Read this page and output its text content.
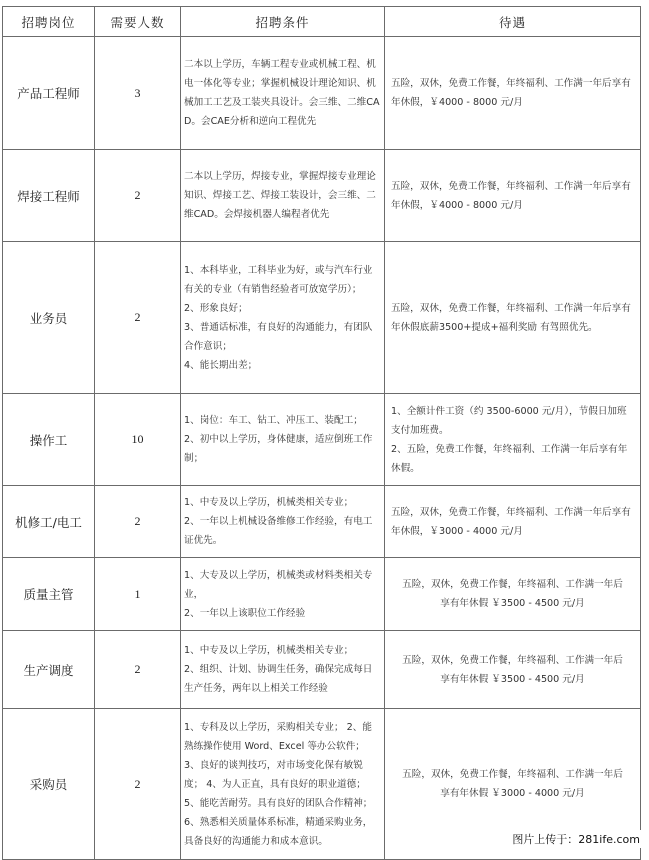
招聘岗位	需要人数	招聘条件	待遇
产品工程师	3	二本以上学历，车辆工程专业或机械工程、机电一体化等专业；掌握机械设计理论知识、机械加工工艺及工装夹具设计。会三维、二维CAD。会CAE分析和逆向工程优先	五险，双休，免费工作餐，年终福利、工作满一年后享有年休假，￥4000 - 8000 元/月

焊接工程师	2	二本以上学历，焊接专业，掌握焊接专业理论知识、焊接工艺、焊接工装设计，会三维、二维CAD。会焊接机器人编程者优先	五险，双休，免费工作餐，年终福利、工作满一年后享有年休假，￥4000 - 8000 元/月

业务员	2	1、本科毕业，工科毕业为好，或与汽车行业有关的专业（有销售经验者可放宽学历）；
2、形象良好；
3、普通话标准，有良好的沟通能力，有团队合作意识；
4、能长期出差；	五险，双休，免费工作餐，年终福利、工作满一年后享有年休假底薪3500+提成+福利奖励 有驾照优先。

操作工	10	1、岗位：车工、钻工、冲压工、装配工；
2、初中以上学历，身体健康，适应倒班工作制；	1、全额计件工资（约 3500-6000 元/月），节假日加班支付加班费。
2、五险，免费工作餐，年终福利、工作满一年后享有年休假。

机修工/电工	2	1、中专及以上学历，机械类相关专业；
2、一年以上机械设备维修工作经验，有电工证优先。	五险，双休，免费工作餐，年终福利、工作满一年后享有年休假，￥3000 - 4000 元/月

质量主管	1	1、大专及以上学历，机械类或材料类相关专业，
2、一年以上该职位工作经验	五险，双休，免费工作餐，年终福利、工作满一年后
享有年休假 ￥3500 - 4500 元/月

生产调度	2	1、中专及以上学历，机械类相关专业；
2、组织、计划、协调生任务，确保完成每日生产任务，两年以上相关工作经验	五险，双休，免费工作餐，年终福利、工作满一年后
享有年休假 ￥3500 - 4500 元/月

采购员	2	1、专科及以上学历，采购相关专业； 2、能熟练操作使用 Word、Excel 等办公软件； 3、良好的谈判技巧，对市场变化保有敏锐度； 4、为人正直，具有良好的职业道德； 5、能吃苦耐劳。具有良好的团队合作精神； 6、熟悉相关质量体系标准，精通采购业务，具备良好的沟通能力和成本意识。	五险，双休，免费工作餐，年终福利、工作满一年后
享有年休假 ￥3000 - 4000 元/月
图片上传于：281ife.com
